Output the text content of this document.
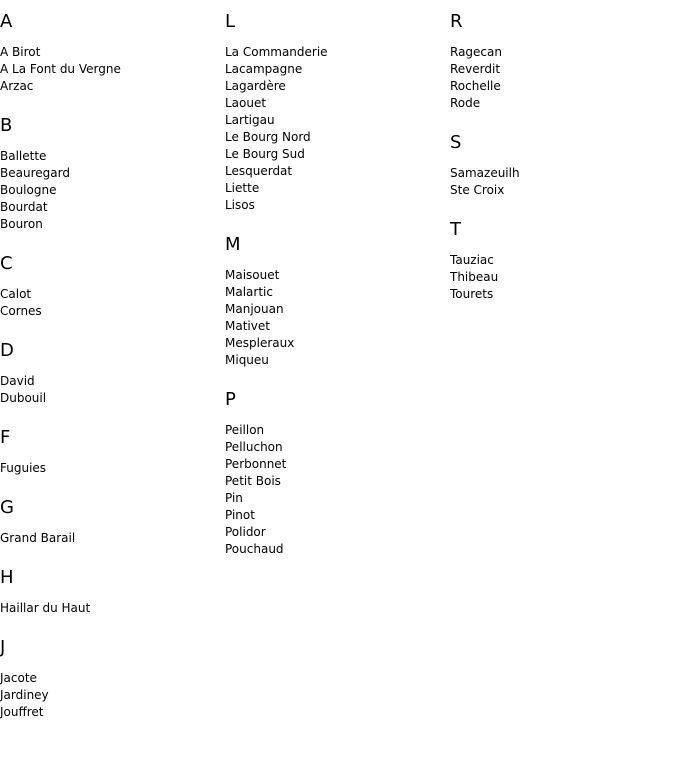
A
A Birot
A La Font du Vergne
Arzac
B
Ballette
Beauregard
Boulogne
Bourdat
Bouron
C
Calot
Cornes
D
David
Dubouil
F
Fuguies
G
Grand Barail
H
Haillar du Haut
J
Jacote
Jardiney
Jouffret
L
La Commanderie
Lacampagne
Lagardère
Laouet
Lartigau
Le Bourg Nord
Le Bourg Sud
Lesquerdat
Liette
Lisos
M
Maisouet
Malartic
Manjouan
Mativet
Mespleraux
Miqueu
P
Peillon
Pelluchon
Perbonnet
Petit Bois
Pin
Pinot
Polidor
Pouchaud
R
Ragecan
Reverdit
Rochelle
Rode
S
Samazeuilh
Ste Croix
T
Tauziac
Thibeau
Tourets
